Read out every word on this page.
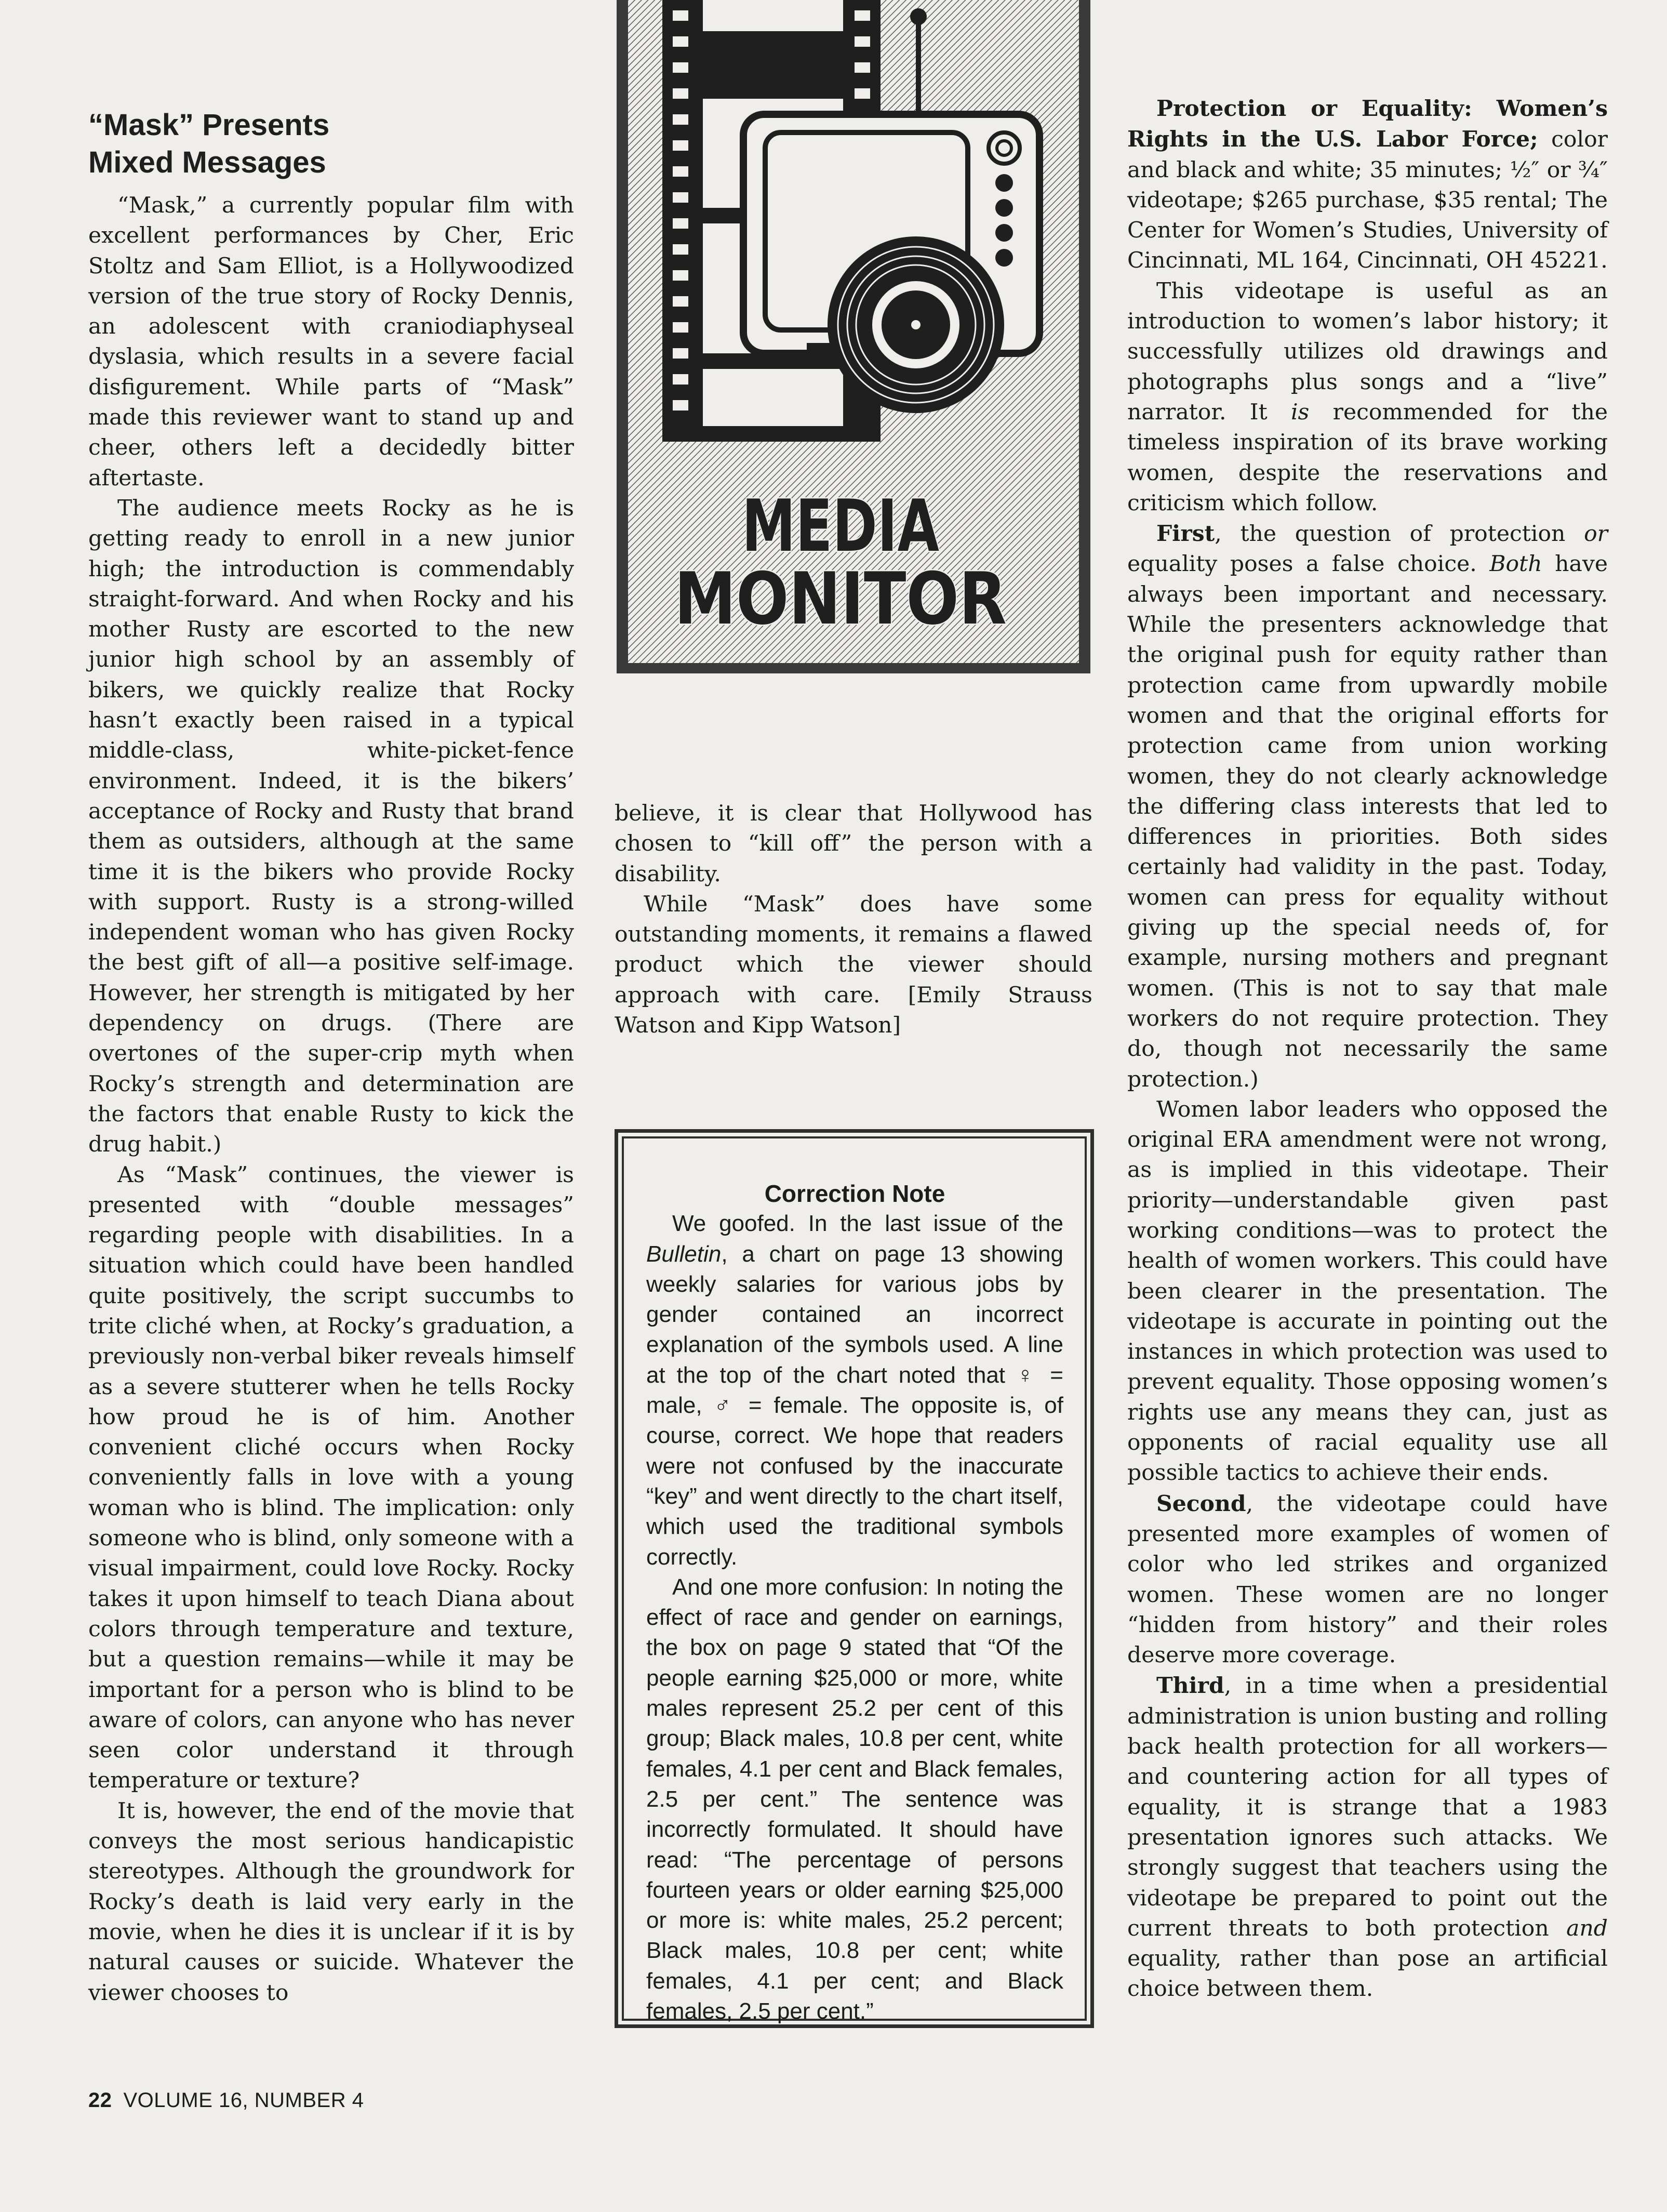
“Mask” Presents
Mixed Messages

“Mask,” a currently popular film with excellent performances by Cher, Eric Stoltz and Sam Elliot, is a Hollywoodized version of the true story of Rocky Dennis, an adolescent with craniodiaphyseal dyslasia, which results in a severe facial disfigurement. While parts of “Mask” made this reviewer want to stand up and cheer, others left a decidedly bitter aftertaste.

The audience meets Rocky as he is getting ready to enroll in a new junior high; the introduction is commendably straight-forward. And when Rocky and his mother Rusty are escorted to the new junior high school by an assembly of bikers, we quickly realize that Rocky hasn’t exactly been raised in a typical middle-class, white-picket-fence environment. Indeed, it is the bikers’ acceptance of Rocky and Rusty that brand them as outsiders, although at the same time it is the bikers who provide Rocky with support. Rusty is a strong-willed independent woman who has given Rocky the best gift of all—a positive self-image. However, her strength is mitigated by her dependency on drugs. (There are overtones of the super-crip myth when Rocky’s strength and determination are the factors that enable Rusty to kick the drug habit.)

As “Mask” continues, the viewer is presented with “double messages” regarding people with disabilities. In a situation which could have been handled quite positively, the script succumbs to trite cliché when, at Rocky’s graduation, a previously non-verbal biker reveals himself as a severe stutterer when he tells Rocky how proud he is of him. Another convenient cliché occurs when Rocky conveniently falls in love with a young woman who is blind. The implication: only someone who is blind, only someone with a visual impairment, could love Rocky. Rocky takes it upon himself to teach Diana about colors through temperature and texture, but a question remains—while it may be important for a person who is blind to be aware of colors, can anyone who has never seen color understand it through temperature or texture?

It is, however, the end of the movie that conveys the most serious handicapistic stereotypes. Although the groundwork for Rocky’s death is laid very early in the movie, when he dies it is unclear if it is by natural causes or suicide. Whatever the viewer chooses to

MEDIA
MONITOR

believe, it is clear that Hollywood has chosen to “kill off” the person with a disability.

While “Mask” does have some outstanding moments, it remains a flawed product which the viewer should approach with care. [Emily Strauss Watson and Kipp Watson]

Correction Note

We goofed. In the last issue of the Bulletin, a chart on page 13 showing weekly salaries for various jobs by gender contained an incorrect explanation of the symbols used. A line at the top of the chart noted that ♀ = male, ♂ = female. The opposite is, of course, correct. We hope that readers were not confused by the inaccurate “key” and went directly to the chart itself, which used the traditional symbols correctly.

And one more confusion: In noting the effect of race and gender on earnings, the box on page 9 stated that “Of the people earning $25,000 or more, white males represent 25.2 per cent of this group; Black males, 10.8 per cent, white females, 4.1 per cent and Black females, 2.5 per cent.” The sentence was incorrectly formulated. It should have read: “The percentage of persons fourteen years or older earning $25,000 or more is: white males, 25.2 percent; Black males, 10.8 per cent; white females, 4.1 per cent; and Black females, 2.5 per cent.”

Protection or Equality: Women’s Rights in the U.S. Labor Force; color and black and white; 35 minutes; ½″ or ¾″ videotape; $265 purchase, $35 rental; The Center for Women’s Studies, University of Cincinnati, ML 164, Cincinnati, OH 45221.

This videotape is useful as an introduction to women’s labor history; it successfully utilizes old drawings and photographs plus songs and a “live” narrator. It is recommended for the timeless inspiration of its brave working women, despite the reservations and criticism which follow.

First, the question of protection or equality poses a false choice. Both have always been important and necessary. While the presenters acknowledge that the original push for equity rather than protection came from upwardly mobile women and that the original efforts for protection came from union working women, they do not clearly acknowledge the differing class interests that led to differences in priorities. Both sides certainly had validity in the past. Today, women can press for equality without giving up the special needs of, for example, nursing mothers and pregnant women. (This is not to say that male workers do not require protection. They do, though not necessarily the same protection.)

Women labor leaders who opposed the original ERA amendment were not wrong, as is implied in this videotape. Their priority—understandable given past working conditions—was to protect the health of women workers. This could have been clearer in the presentation. The videotape is accurate in pointing out the instances in which protection was used to prevent equality. Those opposing women’s rights use any means they can, just as opponents of racial equality use all possible tactics to achieve their ends.

Second, the videotape could have presented more examples of women of color who led strikes and organized women. These women are no longer “hidden from history” and their roles deserve more coverage.

Third, in a time when a presidential administration is union busting and rolling back health protection for all workers—and countering action for all types of equality, it is strange that a 1983 presentation ignores such attacks. We strongly suggest that teachers using the videotape be prepared to point out the current threats to both protection and equality, rather than pose an artificial choice between them.

22 VOLUME 16, NUMBER 4
